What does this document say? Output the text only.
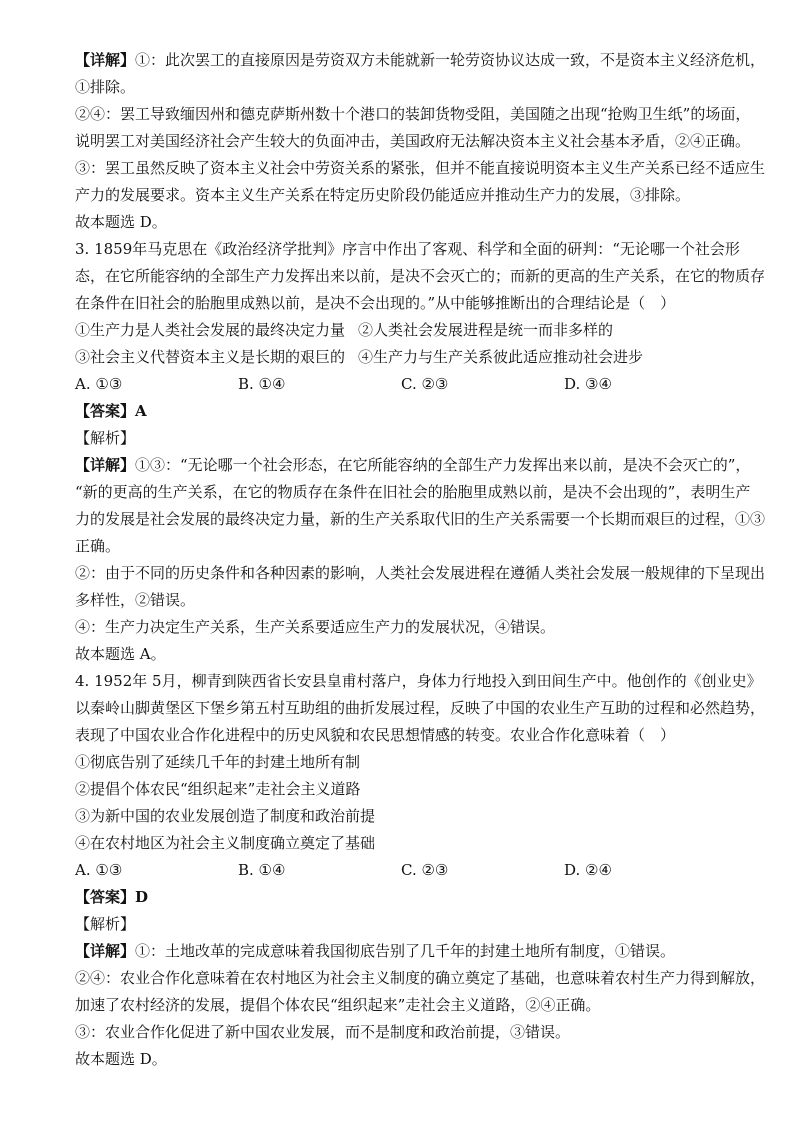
【详解】①：此次罢工的直接原因是劳资双方未能就新一轮劳资协议达成一致，不是资本主义经济危机，
①排除。
②④：罢工导致缅因州和德克萨斯州数十个港口的装卸货物受阻，美国随之出现“抢购卫生纸”的场面，
说明罢工对美国经济社会产生较大的负面冲击，美国政府无法解决资本主义社会基本矛盾，②④正确。
③：罢工虽然反映了资本主义社会中劳资关系的紧张，但并不能直接说明资本主义生产关系已经不适应生
产力的发展要求。资本主义生产关系在特定历史阶段仍能适应并推动生产力的发展，③排除。
故本题选 D。
3. 1859年马克思在《政治经济学批判》序言中作出了客观、科学和全面的研判：“无论哪一个社会形
态，在它所能容纳的全部生产力发挥出来以前，是决不会灭亡的；而新的更高的生产关系，在它的物质存
在条件在旧社会的胎胞里成熟以前，是决不会出现的。”从中能够推断出的合理结论是（　）
①生产力是人类社会发展的最终决定力量 ②人类社会发展进程是统一而非多样的
③社会主义代替资本主义是长期的艰巨的 ④生产力与生产关系彼此适应推动社会进步
A. ①③	B. ①④	C. ②③	D. ③④
【答案】A
【解析】
【详解】①③：“无论哪一个社会形态，在它所能容纳的全部生产力发挥出来以前，是决不会灭亡的”，
“新的更高的生产关系，在它的物质存在条件在旧社会的胎胞里成熟以前，是决不会出现的”，表明生产
力的发展是社会发展的最终决定力量，新的生产关系取代旧的生产关系需要一个长期而艰巨的过程，①③
正确。
②：由于不同的历史条件和各种因素的影响，人类社会发展进程在遵循人类社会发展一般规律的下呈现出
多样性，②错误。
④：生产力决定生产关系，生产关系要适应生产力的发展状况，④错误。
故本题选 A。
4. 1952年 5月，柳青到陕西省长安县皇甫村落户，身体力行地投入到田间生产中。他创作的《创业史》
以秦岭山脚黄堡区下堡乡第五村互助组的曲折发展过程，反映了中国的农业生产互助的过程和必然趋势，
表现了中国农业合作化进程中的历史风貌和农民思想情感的转变。农业合作化意味着（　）
①彻底告别了延续几千年的封建土地所有制
②提倡个体农民“组织起来”走社会主义道路
③为新中国的农业发展创造了制度和政治前提
④在农村地区为社会主义制度确立奠定了基础
A. ①③	B. ①④	C. ②③	D. ②④
【答案】D
【解析】
【详解】①：土地改革的完成意味着我国彻底告别了几千年的封建土地所有制度，①错误。
②④：农业合作化意味着在农村地区为社会主义制度的确立奠定了基础，也意味着农村生产力得到解放，
加速了农村经济的发展，提倡个体农民“组织起来”走社会主义道路，②④正确。
③：农业合作化促进了新中国农业发展，而不是制度和政治前提，③错误。
故本题选 D。
